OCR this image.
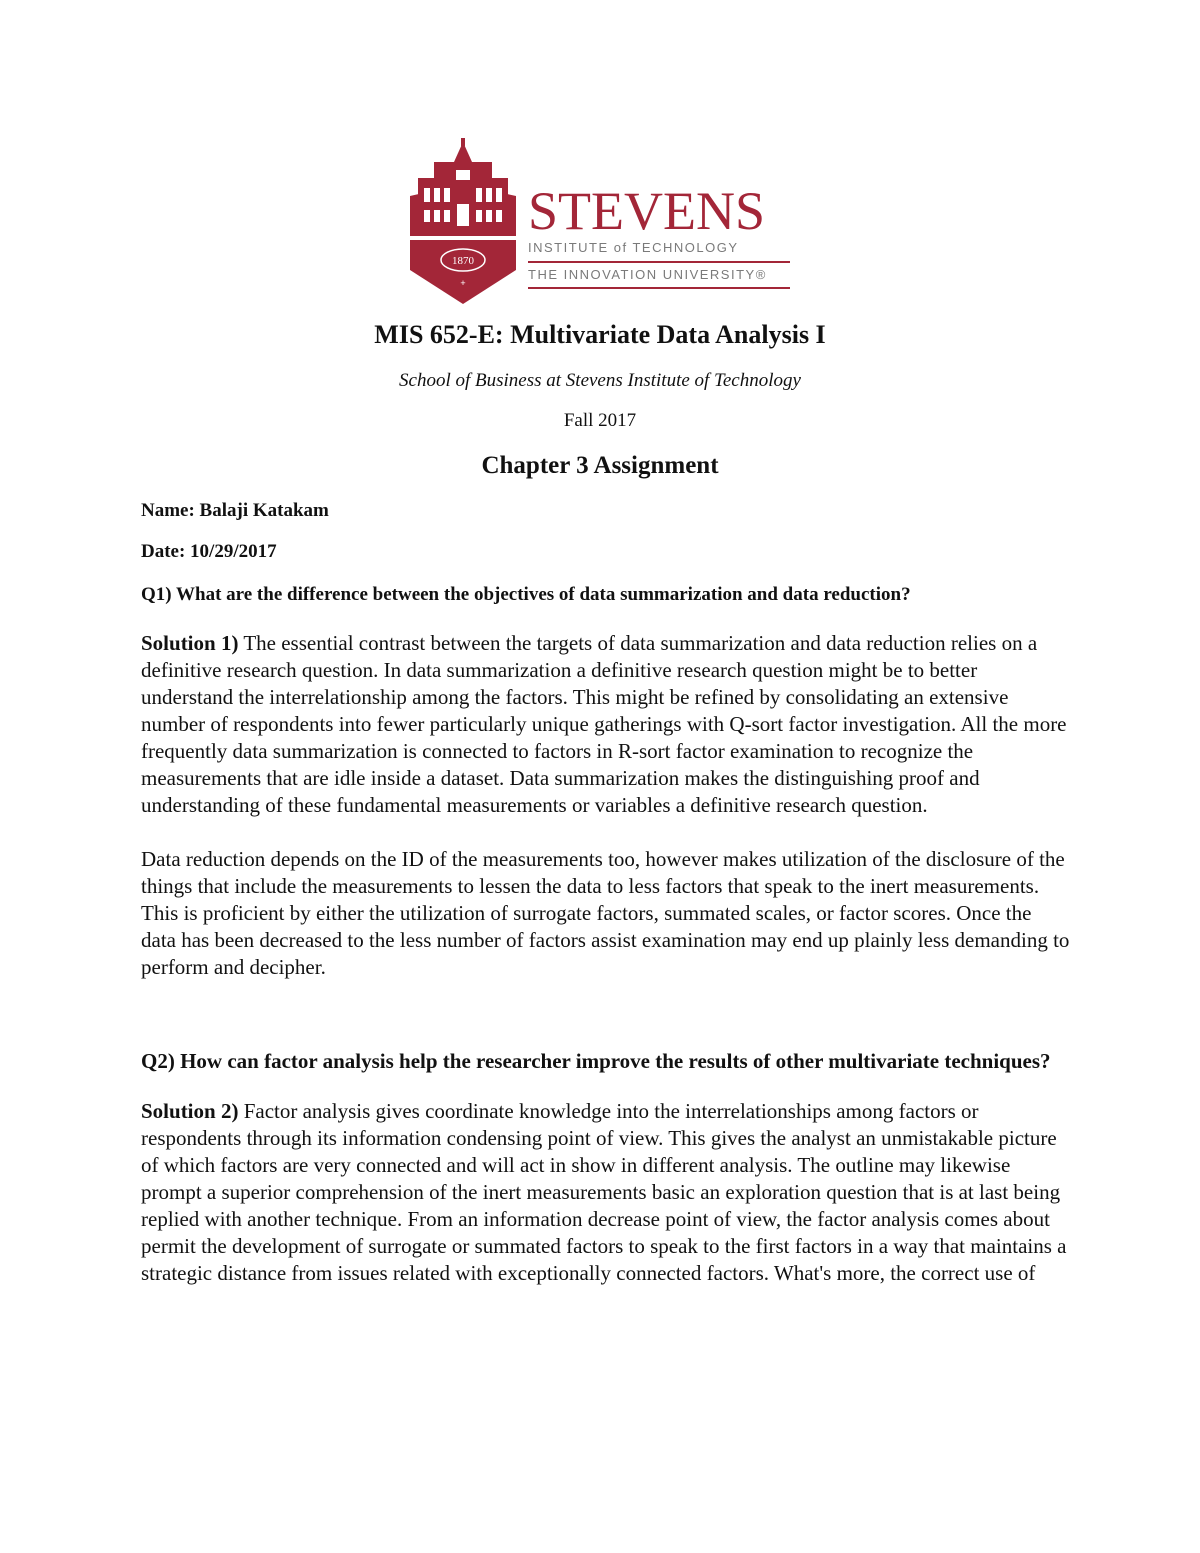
1870
+
STEVENS
INSTITUTE of TECHNOLOGY
THE INNOVATION UNIVERSITY®
MIS 652-E: Multivariate Data Analysis I
School of Business at Stevens Institute of Technology
Fall 2017
Chapter 3 Assignment
Name: Balaji Katakam
Date: 10/29/2017

Q1) What are the difference between the objectives of data summarization and data reduction?

Solution 1) The essential contrast between the targets of data summarization and data reduction relies on a definitive research question. In data summarization a definitive research question might be to better understand the interrelationship among the factors. This might be refined by consolidating an extensive number of respondents into fewer particularly unique gatherings with Q-sort factor investigation. All the more frequently data summarization is connected to factors in R-sort factor examination to recognize the measurements that are idle inside a dataset. Data summarization makes the distinguishing proof and understanding of these fundamental measurements or variables a definitive research question.

Data reduction depends on the ID of the measurements too, however makes utilization of the disclosure of the things that include the measurements to lessen the data to less factors that speak to the inert measurements. This is proficient by either the utilization of surrogate factors, summated scales, or factor scores. Once the data has been decreased to the less number of factors assist examination may end up plainly less demanding to perform and decipher.

Q2) How can factor analysis help the researcher improve the results of other multivariate techniques?

Solution 2) Factor analysis gives coordinate knowledge into the interrelationships among factors or respondents through its information condensing point of view. This gives the analyst an unmistakable picture of which factors are very connected and will act in show in different analysis. The outline may likewise prompt a superior comprehension of the inert measurements basic an exploration question that is at last being replied with another technique. From an information decrease point of view, the factor analysis comes about permit the development of surrogate or summated factors to speak to the first factors in a way that maintains a strategic distance from issues related with exceptionally connected factors. What's more, the correct use of
